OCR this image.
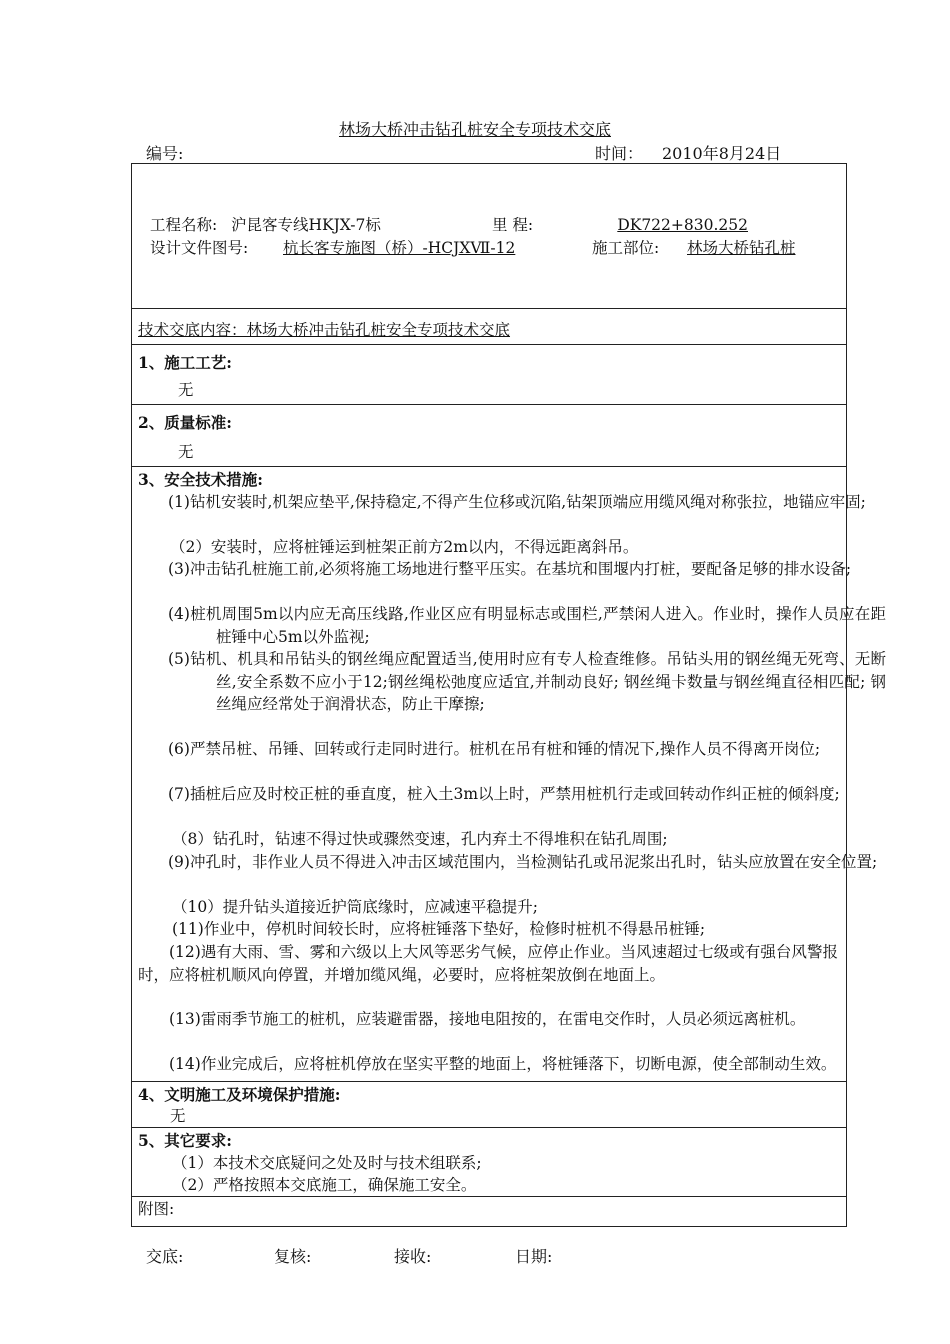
林场大桥冲击钻孔桩安全专项技术交底
编号:	时间： 2010年8月24日
工程名称: 沪昆客专线HKJX-7标	里 程:	DK722+830.252
设计文件图号: 杭长客专施图（桥）-HCJXⅦ-12	施工部位: 林场大桥钻孔桩
技术交底内容：林场大桥冲击钻孔桩安全专项技术交底
1、施工工艺:
无
2、质量标准:
无
3、安全技术措施:
(1)钻机安装时,机架应垫平,保持稳定,不得产生位移或沉陷,钻架顶端应用缆风绳对称张拉，地锚应牢固;
（2）安装时，应将桩锤运到桩架正前方2m以内，不得远距离斜吊。
(3)冲击钻孔桩施工前,必须将施工场地进行整平压实。在基坑和围堰内打桩，要配备足够的排水设备;
(4)桩机周围5m以内应无高压线路,作业区应有明显标志或围栏,严禁闲人进入。作业时，操作人员应在距桩锤中心5m以外监视;
(5)钻机、机具和吊钻头的钢丝绳应配置适当,使用时应有专人检查维修。吊钻头用的钢丝绳无死弯、无断丝,安全系数不应小于12;钢丝绳松弛度应适宜,并制动良好; 钢丝绳卡数量与钢丝绳直径相匹配; 钢丝绳应经常处于润滑状态，防止干摩擦;
(6)严禁吊桩、吊锤、回转或行走同时进行。桩机在吊有桩和锤的情况下,操作人员不得离开岗位;
(7)插桩后应及时校正桩的垂直度，桩入土3m以上时，严禁用桩机行走或回转动作纠正桩的倾斜度;
（8）钻孔时，钻速不得过快或骤然变速，孔内弃土不得堆积在钻孔周围;
(9)冲孔时，非作业人员不得进入冲击区域范围内，当检测钻孔或吊泥浆出孔时，钻头应放置在安全位置;
（10）提升钻头道接近护筒底缘时，应减速平稳提升;
(11)作业中，停机时间较长时，应将桩锤落下垫好，检修时桩机不得悬吊桩锤;
(12)遇有大雨、雪、雾和六级以上大风等恶劣气候，应停止作业。当风速超过七级或有强台风警报时，应将桩机顺风向停置，并增加缆风绳，必要时，应将桩架放倒在地面上。
(13)雷雨季节施工的桩机，应装避雷器，接地电阻按的，在雷电交作时，人员必须远离桩机。
(14)作业完成后，应将桩机停放在坚实平整的地面上，将桩锤落下，切断电源，使全部制动生效。
4、文明施工及环境保护措施:
无
5、其它要求:
（1）本技术交底疑问之处及时与技术组联系;
（2）严格按照本交底施工，确保施工安全。
附图:
交底:	复核:	接收:	日期:
